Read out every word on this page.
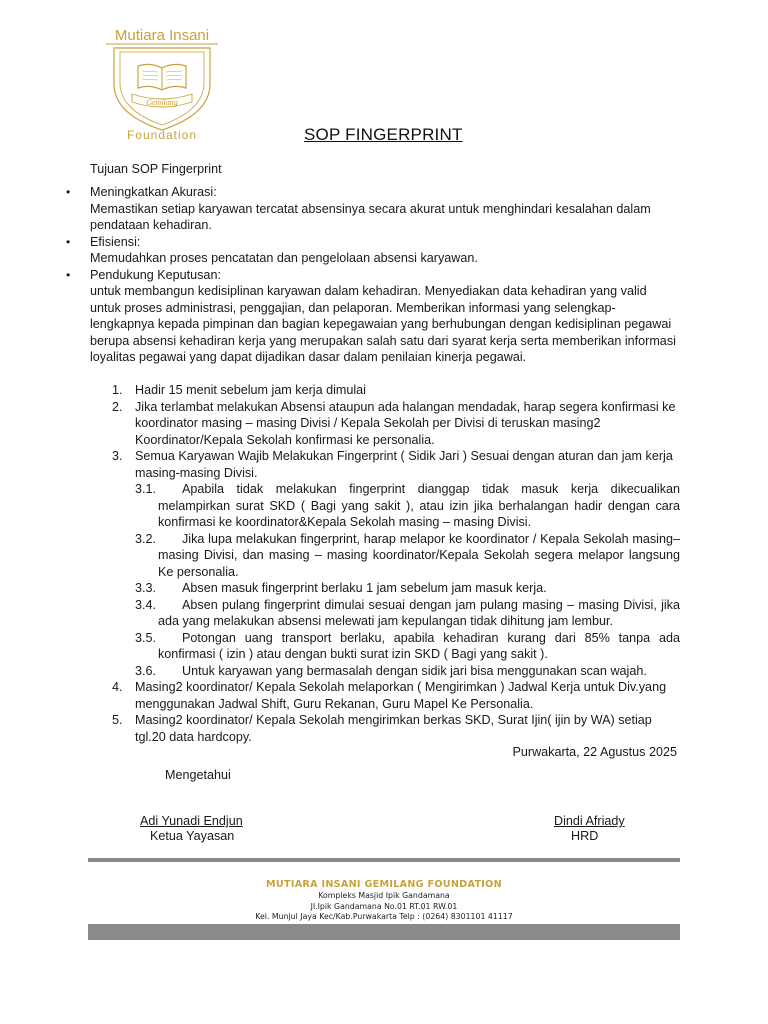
Mutiara Insani
Gemilang
Foundation	SOP FINGERPRINT
Tujuan SOP Fingerprint
• Meningkatkan Akurasi:
Memastikan setiap karyawan tercatat absensinya secara akurat untuk menghindari kesalahan dalam pendataan kehadiran.
• Efisiensi:
Memudahkan proses pencatatan dan pengelolaan absensi karyawan.
• Pendukung Keputusan:
untuk membangun kedisiplinan karyawan dalam kehadiran. Menyediakan data kehadiran yang valid untuk proses administrasi, penggajian, dan pelaporan. Memberikan informasi yang selengkap-lengkapnya kepada pimpinan dan bagian kepegawaian yang berhubungan dengan kedisiplinan pegawai berupa absensi kehadiran kerja yang merupakan salah satu dari syarat kerja serta memberikan informasi loyalitas pegawai yang dapat dijadikan dasar dalam penilaian kinerja pegawai.
1. Hadir 15 menit sebelum jam kerja dimulai
2. Jika terlambat melakukan Absensi ataupun ada halangan mendadak, harap segera konfirmasi ke koordinator masing – masing Divisi / Kepala Sekolah per Divisi di teruskan masing2 Koordinator/Kepala Sekolah konfirmasi ke personalia.
3. Semua Karyawan Wajib Melakukan Fingerprint ( Sidik Jari ) Sesuai dengan aturan dan jam kerja masing-masing Divisi.
3.1.	Apabila tidak melakukan fingerprint dianggap tidak masuk kerja dikecualikan melampirkan surat SKD ( Bagi yang sakit ), atau izin jika berhalangan hadir dengan cara konfirmasi ke koordinator&Kepala Sekolah masing – masing Divisi.
3.2.	Jika lupa melakukan fingerprint, harap melapor ke koordinator / Kepala Sekolah masing– masing Divisi, dan masing – masing koordinator/Kepala Sekolah segera melapor langsung Ke personalia.
3.3.	Absen masuk fingerprint berlaku 1 jam sebelum jam masuk kerja.
3.4.	Absen pulang fingerprint dimulai sesuai dengan jam pulang masing – masing Divisi, jika ada yang melakukan absensi melewati jam kepulangan tidak dihitung jam lembur.
3.5.	Potongan uang transport berlaku, apabila kehadiran kurang dari 85% tanpa ada konfirmasi ( izin ) atau dengan bukti surat izin SKD ( Bagi yang sakit ).
3.6.	Untuk karyawan yang bermasalah dengan sidik jari bisa menggunakan scan wajah.
4. Masing2 koordinator/ Kepala Sekolah melaporkan ( Mengirimkan ) Jadwal Kerja untuk Div.yang menggunakan Jadwal Shift, Guru Rekanan, Guru Mapel Ke Personalia.
5. Masing2 koordinator/ Kepala Sekolah mengirimkan berkas SKD, Surat Ijin( ijin by WA) setiap tgl.20 data hardcopy.
Purwakarta, 22 Agustus 2025
Mengetahui
Adi Yunadi Endjun
Ketua Yayasan
Dindi Afriady
HRD
MUTIARA INSANI GEMILANG FOUNDATION
Kompleks Masjid Ipik Gandamana
Jl.Ipik Gandamana No.01 RT.01 RW.01
Kel. Munjul Jaya Kec/Kab.Purwakarta Telp : (0264) 8301101 41117
